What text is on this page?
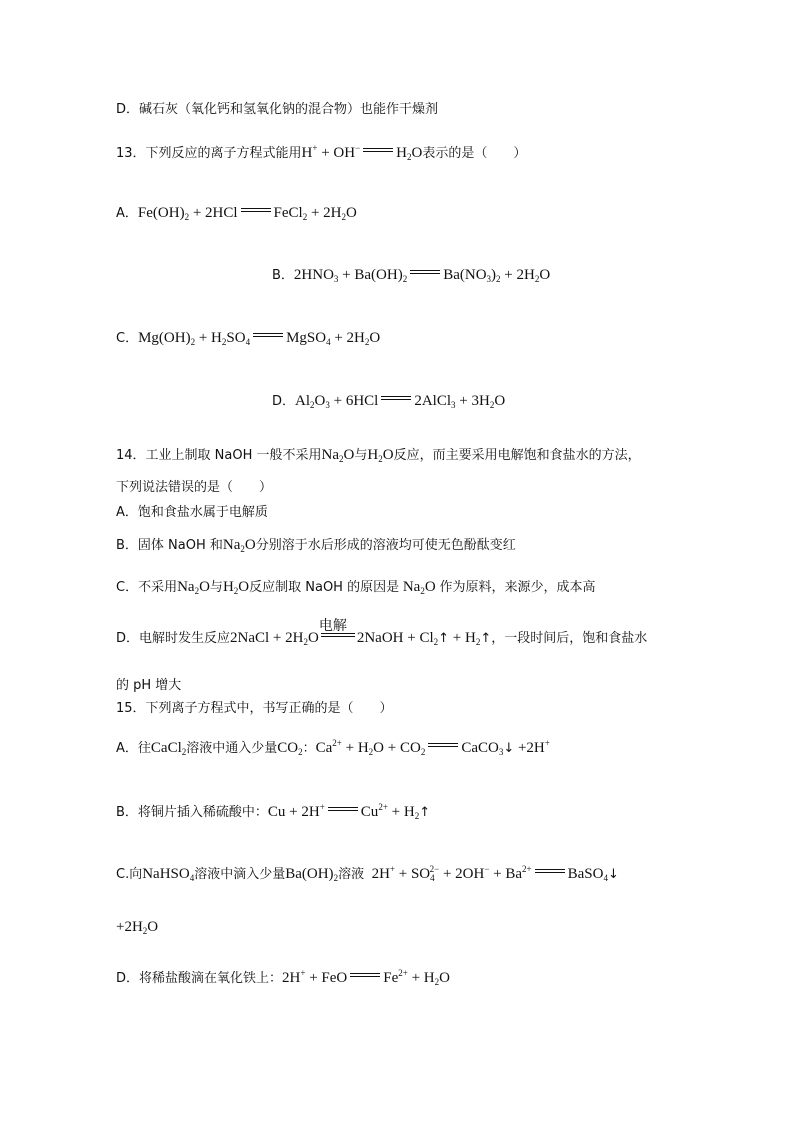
D．碱石灰（氧化钙和氢氧化钠的混合物）也能作干燥剂
13．下列反应的离子方程式能用H+ + OH− $H_2O$表示的是（　　）
A．$Fe(OH)_2 + 2HCl$ FeCl$_2$ + $2H_2O$
B．$2HNO_3 + Ba(OH)_2$ $Ba(NO_3)_2 + 2H_2O$
C．$Mg(OH)_2 + H_2SO_4$ MgSO$_4$ + $2H_2O$
D．$Al_2O_3 + 6HCl$ 2AlCl$_3$ + $3H_2O$
14．工业上制取 NaOH 一般不采用$Na_2O$与$H_2O$反应，而主要采用电解饱和食盐水的方法，
下列说法错误的是（　　）
A．饱和食盐水属于电解质
B．固体 NaOH 和$Na_2O$分别溶于水后形成的溶液均可使无色酚酞变红
C．不采用$Na_2O$与$H_2O$反应制取 NaOH 的原因是 $Na_2O$ 作为原料，来源少，成本高
D．电解时发生反应2NaCl + $2H_2O$
电解
2NaOH + $Cl_2↑$ + $H_2↑$，一段时间后，饱和食盐水
的 pH 增大
15．下列离子方程式中，书写正确的是（　　）
A．往CaCl$_2$溶液中通入少量$CO_2$：$Ca^{2+} + H_2O + CO_2$ CaCO$_3$↓ +2H+
B．将铜片插入稀硫酸中：Cu + 2H+ $Cu^{2+}$ + $H_2↑$
C.向NaHSO$_4$溶液中滴入少量$Ba(OH)_2$溶液  $2H^+ + SO_4^{2-} + 2OH^- + Ba^{2+}$ BaSO$_4$↓
$+2H_2O$
D．将稀盐酸滴在氧化铁上：2H+ + FeO $Fe^{2+} + H_2O$
